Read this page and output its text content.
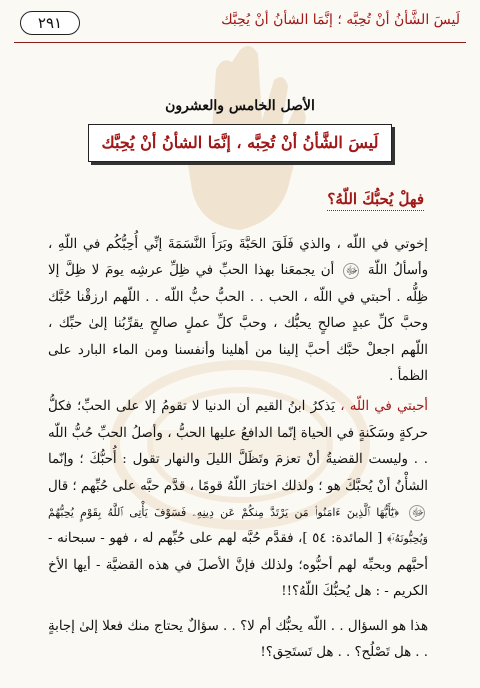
لَيسَ الشَّأنُ أنْ تُحِبَّه ؛ إنَّمَا الشأنُ أنْ يُحِبَّك
٢٩١
الأصل الخامس والعشرون
لَيسَ الشَّأنُ أنْ تُحِبَّه ، إنَّمَا الشأنُ أنْ يُحِبَّك
فهلْ يُحبُّكَ اللّهُ؟

إخوتي في اللّه ، والذي فَلَقَ الحَبَّةَ وبَرَأَ النَّسَمَةَ إنِّي أُحِبُّكُم في اللّهِ ، وأسألُ اللّهَ ﷻ أن يجمعَنا بهذا الحبِّ في ظِلِّ عرشِه يومَ لا ظِلَّ إلا ظِلُّه . أحبتي في اللّه ، الحب . . الحبُّ حبُّ اللّه . . اللّهم ارزقْنا حُبَّك وحبَّ كلِّ عبدٍ صالحٍ يحبُّك ، وحبَّ كلِّ عملٍ صالحٍ يقرِّبُنا إلىٰ حبِّك ، اللّهم اجعلْ حبَّك أحبَّ إلينا من أهلينا وأنفسنا ومن الماء البارد على الظمأ .

أحبتي في اللّه ، يَذكرُ ابنُ القيم أن الدنيا لا تقومُ إلا على الحبِّ؛ فكلُّ حركةٍ وسَكَنةٍ في الحياة إنّما الدافعُ عليها الحبُّ ، وأصلُ الحبِّ حُبُّ اللّه . . وليست القضيةُ أنْ تعزمَ وتَظَلَّ الليلَ والنهار تقول : أُحبُّكَ ؛ وإنّما الشأْنُ أنْ يُحبَّكَ هو ؛ ولذلك اختارَ اللّهُ قومًا ، قدَّم حبَّه على حُبِّهم ؛ قال ﷻ ﴿يَٰٓأَيُّهَا ٱلَّذِينَ ءَامَنُوا۟ مَن يَرْتَدَّ مِنكُمْ عَن دِينِهِۦ فَسَوْفَ يَأْتِى ٱللَّهُ بِقَوْمٍ يُحِبُّهُمْ وَيُحِبُّونَهُۥٓ﴾ [ المائدة: ٥٤ ]، فقدَّم حُبَّه لهم على حُبِّهم له ، فهو - سبحانه - أحبَّهم وبحبِّه لهم أحبُّوه؛ ولذلك فإنَّ الأصلَ في هذه القضيَّة - أيها الأخ الكريم - : هل يُحبُّكَ اللّهُ؟!!

هذا هو السؤال . . اللّه يحبُّك أم لا؟ . . سؤالٌ يحتاج منك فعلا إلىٰ إجابةٍ . . هل تَصْلُح؟ . . هل تَستَحِق؟!
